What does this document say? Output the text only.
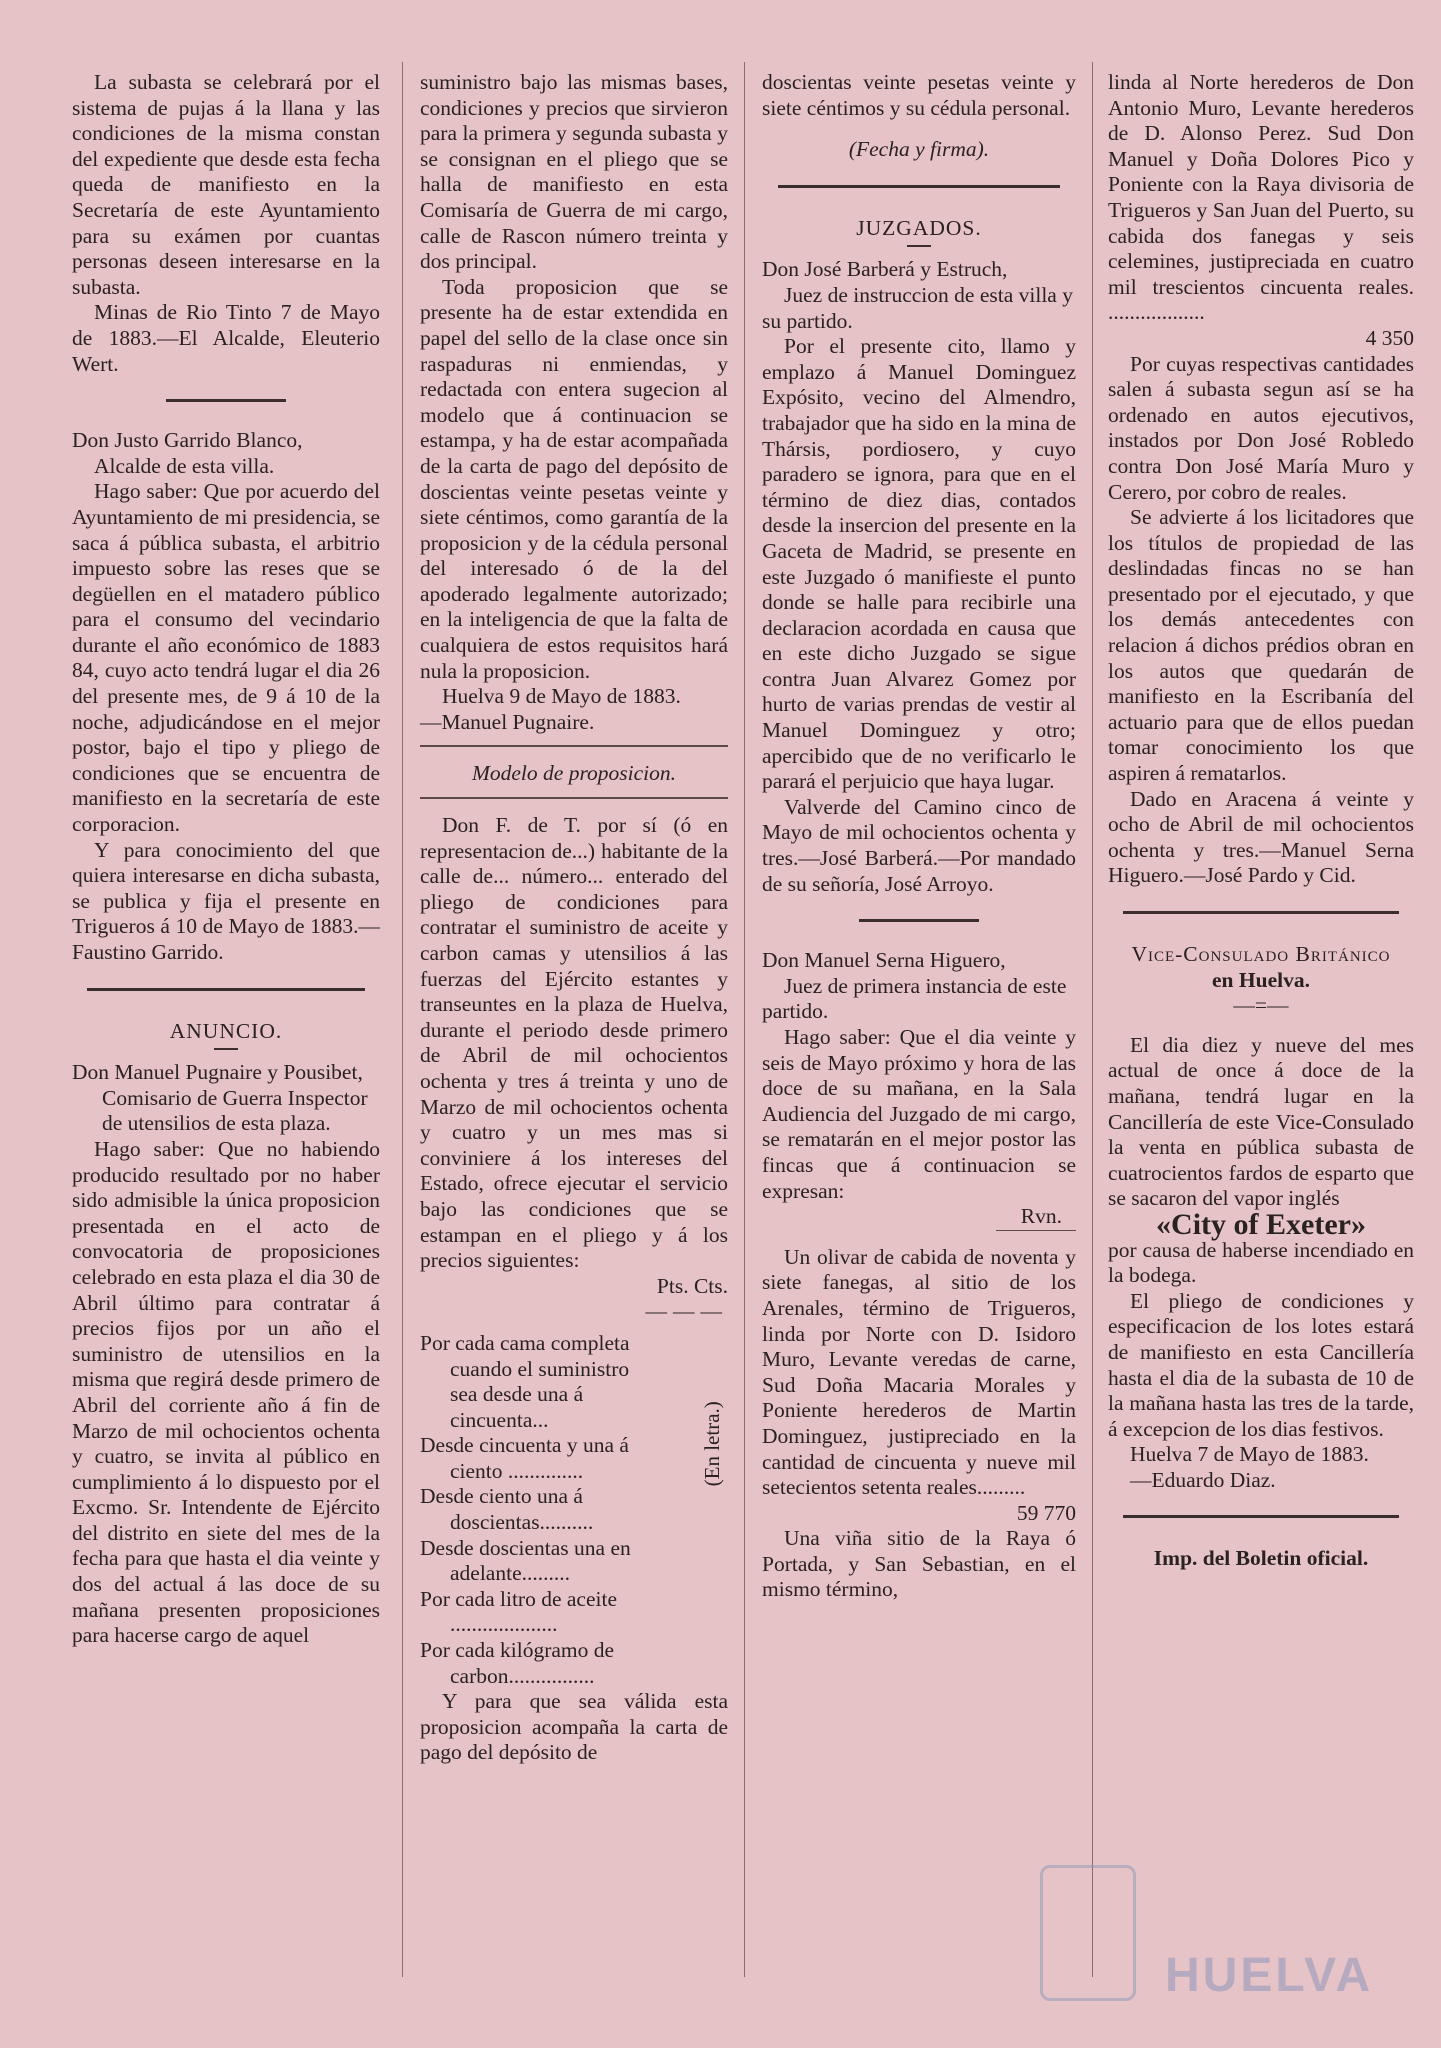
La subasta se celebrará por el sistema de pujas á la llana y las condiciones de la misma constan del expediente que desde esta fecha queda de manifiesto en la Secretaría de este Ayuntamiento para su exámen por cuantas personas deseen interesarse en la subasta.

Minas de Rio Tinto 7 de Mayo de 1883.—El Alcalde, Eleuterio Wert.

Don Justo Garrido Blanco,

Alcalde de esta villa.

Hago saber: Que por acuerdo del Ayuntamiento de mi presidencia, se saca á pública subasta, el arbitrio impuesto sobre las reses que se degüellen en el matadero público para el consumo del vecindario durante el año económico de 1883 84, cuyo acto tendrá lugar el dia 26 del presente mes, de 9 á 10 de la noche, adjudicándose en el mejor postor, bajo el tipo y pliego de condiciones que se encuentra de manifiesto en la secretaría de este corporacion.

Y para conocimiento del que quiera interesarse en dicha subasta, se publica y fija el presente en Trigueros á 10 de Mayo de 1883.—Faustino Garrido.

ANUNCIO.

Don Manuel Pugnaire y Pousibet, Comisario de Guerra Inspector de utensilios de esta plaza.

Hago saber: Que no habiendo producido resultado por no haber sido admisible la única proposicion presentada en el acto de convocatoria de proposiciones celebrado en esta plaza el dia 30 de Abril último para contratar á precios fijos por un año el suministro de utensilios en la misma que regirá desde primero de Abril del corriente año á fin de Marzo de mil ochocientos ochenta y cuatro, se invita al público en cumplimiento á lo dispuesto por el Excmo. Sr. Intendente de Ejército del distrito en siete del mes de la fecha para que hasta el dia veinte y dos del actual á las doce de su mañana presenten proposiciones para hacerse cargo de aquel

suministro bajo las mismas bases, condiciones y precios que sirvieron para la primera y segunda subasta y se consignan en el pliego que se halla de manifiesto en esta Comisaría de Guerra de mi cargo, calle de Rascon número treinta y dos principal.

Toda proposicion que se presente ha de estar extendida en papel del sello de la clase once sin raspaduras ni enmiendas, y redactada con entera sugecion al modelo que á continuacion se estampa, y ha de estar acompañada de la carta de pago del depósito de doscientas veinte pesetas veinte y siete céntimos, como garantía de la proposicion y de la cédula personal del interesado ó de la del apoderado legalmente autorizado; en la inteligencia de que la falta de cualquiera de estos requisitos hará nula la proposicion.

Huelva 9 de Mayo de 1883.

—Manuel Pugnaire.

Modelo de proposicion.

Don F. de T. por sí (ó en representacion de...) habitante de la calle de... número... enterado del pliego de condiciones para contratar el suministro de aceite y carbon camas y utensilios á las fuerzas del Ejército estantes y transeuntes en la plaza de Huelva, durante el periodo desde primero de Abril de mil ochocientos ochenta y tres á treinta y uno de Marzo de mil ochocientos ochenta y cuatro y un mes mas si conviniere á los intereses del Estado, ofrece ejecutar el servicio bajo las condiciones que se estampan en el pliego y á los precios siguientes:

Pts. Cts.

———

Por cada cama completa cuando el suministro sea desde una á cincuenta...

Desde cincuenta y una á ciento ..............

Desde ciento una á doscientas..........

Desde doscientas una en adelante.........

Por cada litro de aceite ....................

Por cada kilógramo de carbon................

(En letra.)

Y para que sea válida esta proposicion acompaña la carta de pago del depósito de

doscientas veinte pesetas veinte y siete céntimos y su cédula personal.

(Fecha y firma).

JUZGADOS.

Don José Barberá y Estruch,

Juez de instruccion de esta villa y su partido.

Por el presente cito, llamo y emplazo á Manuel Dominguez Expósito, vecino del Almendro, trabajador que ha sido en la mina de Thársis, pordiosero, y cuyo paradero se ignora, para que en el término de diez dias, contados desde la insercion del presente en la Gaceta de Madrid, se presente en este Juzgado ó manifieste el punto donde se halle para recibirle una declaracion acordada en causa que en este dicho Juzgado se sigue contra Juan Alvarez Gomez por hurto de varias prendas de vestir al Manuel Dominguez y otro; apercibido que de no verificarlo le parará el perjuicio que haya lugar.

Valverde del Camino cinco de Mayo de mil ochocientos ochenta y tres.—José Barberá.—Por mandado de su señoría, José Arroyo.

Don Manuel Serna Higuero,

Juez de primera instancia de este partido.

Hago saber: Que el dia veinte y seis de Mayo próximo y hora de las doce de su mañana, en la Sala Audiencia del Juzgado de mi cargo, se rematarán en el mejor postor las fincas que á continuacion se expresan:

Rvn.

Un olivar de cabida de noventa y siete fanegas, al sitio de los Arenales, término de Trigueros, linda por Norte con D. Isidoro Muro, Levante veredas de carne, Sud Doña Macaria Morales y Poniente herederos de Martin Dominguez, justipreciado en la cantidad de cincuenta y nueve mil setecientos setenta reales.........

59 770

Una viña sitio de la Raya ó Portada, y San Sebastian, en el mismo término,

linda al Norte herederos de Don Antonio Muro, Levante herederos de D. Alonso Perez. Sud Don Manuel y Doña Dolores Pico y Poniente con la Raya divisoria de Trigueros y San Juan del Puerto, su cabida dos fanegas y seis celemines, justipreciada en cuatro mil trescientos cincuenta reales. ..................

4 350

Por cuyas respectivas cantidades salen á subasta segun así se ha ordenado en autos ejecutivos, instados por Don José Robledo contra Don José María Muro y Cerero, por cobro de reales.

Se advierte á los licitadores que los títulos de propiedad de las deslindadas fincas no se han presentado por el ejecutado, y que los demás antecedentes con relacion á dichos prédios obran en los autos que quedarán de manifiesto en la Escribanía del actuario para que de ellos puedan tomar conocimiento los que aspiren á rematarlos.

Dado en Aracena á veinte y ocho de Abril de mil ochocientos ochenta y tres.—Manuel Serna Higuero.—José Pardo y Cid.

Vice-Consulado Británico

en Huelva.

—=—

El dia diez y nueve del mes actual de once á doce de la mañana, tendrá lugar en la Cancillería de este Vice-Consulado la venta en pública subasta de cuatrocientos fardos de esparto que se sacaron del vapor inglés

«City of Exeter»

por causa de haberse incendiado en la bodega.

El pliego de condiciones y especificacion de los lotes estará de manifiesto en esta Cancillería hasta el dia de la subasta de 10 de la mañana hasta las tres de la tarde, á excepcion de los dias festivos.

Huelva 7 de Mayo de 1883.

—Eduardo Diaz.

Imp. del Boletin oficial.

HUELVA
